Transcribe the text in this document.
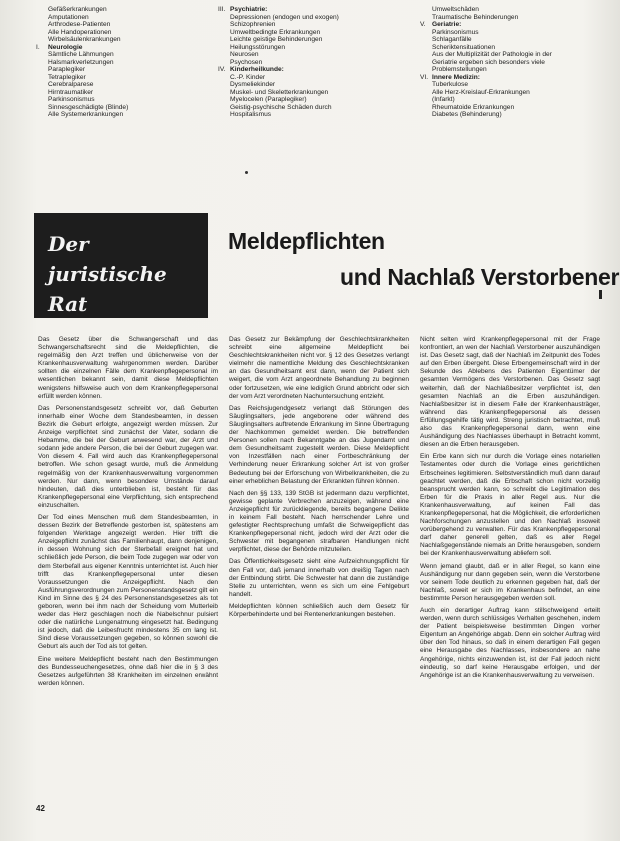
Gefäßerkrankungen
Amputationen
Arthrodese-Patienten
Alle Handoperationen
Wirbelsäulenkrankungen
I.	Neurologie
Sämtliche Lähmungen
Halsmarkverletzungen
Paraplegiker
Tetraplegiker
Cerebralparese
Hirntraumatiker
Parkinsonismus
Sinnesgeschädigte (Blinde)
Alle Systemerkrankungen
III. Psychiatrie:
Depressionen (endogen und exogen)
Schizophrenien
Umweltbedingte Erkrankungen
Leichte geistige Behinderungen
Heilungsstörungen
Neurosen
Psychosen
IV. Kinderheilkunde:
C.-P. Kinder
Dysmeliekinder
Muskel- und Skeletterkrankungen
Myelocelen (Paraplegiker)
Geistig-psychische Schäden durch
Hospitalismus
Umweltschäden
Traumatische Behinderungen
V. Geriatrie:
Parkinsonismus
Schlaganfälle
Scheriktensituationen
Aus der Multiplizität der Pathologie in der
Geriatrie ergeben sich besonders viele
Problemstellungen
VI. Innere Medizin:
Tuberkulose
Alle Herz-Kreislauf-Erkrankungen
(Infarkt)
Rheumatoide Erkrankungen
Diabetes (Behinderung)
Der
juristische Rat
Meldepflichten
und Nachlaß Verstorbener

Das Gesetz über die Schwangerschaft und das Schwangerschaftsrecht sind die Meldepflichten, die regelmäßig den Arzt treffen und üblicherweise von der Krankenhausverwaltung wahrgenommen werden. Darüber sollten die einzelnen Fälle dem Krankenpflegepersonal im wesentlichen bekannt sein, damit diese Meldepflichten wenigstens hilfsweise auch von dem Krankenpflegepersonal erfüllt werden können.

Das Personenstandsgesetz schreibt vor, daß Geburten innerhalb einer Woche dem Standesbeamten, in dessen Bezirk die Geburt erfolgte, angezeigt werden müssen. Zur Anzeige verpflichtet sind zunächst der Vater, sodann die Hebamme, die bei der Geburt anwesend war, der Arzt und sodann jede andere Person, die bei der Geburt zugegen war. Von diesem 4. Fall wird auch das Krankenpflegepersonal betroffen. Wie schon gesagt wurde, muß die Anmeldung regelmäßig von der Krankenhausverwaltung vorgenommen werden. Nur dann, wenn besondere Umstände darauf hindeuten, daß dies unterblieben ist, besteht für das Krankenpflegepersonal eine Verpflichtung, sich entsprechend einzuschalten.

Der Tod eines Menschen muß dem Standesbeamten, in dessen Bezirk der Betreffende gestorben ist, spätestens am folgenden Werktage angezeigt werden. Hier trifft die Anzeigepflicht zunächst das Familienhaupt, dann denjenigen, in dessen Wohnung sich der Sterbefall ereignet hat und schließlich jede Person, die beim Tode zugegen war oder von dem Sterbefall aus eigener Kenntnis unterrichtet ist. Auch hier trifft das Krankenpflegepersonal unter diesen Voraussetzungen die Anzeigepflicht. Nach den Ausführungsverordnungen zum Personenstandsgesetz gilt ein Kind im Sinne des § 24 des Personenstandsgesetzes als tot geboren, wenn bei ihm nach der Scheidung vom Mutterleib weder das Herz geschlagen noch die Nabelschnur pulsiert oder die natürliche Lungenatmung eingesetzt hat. Bedingung ist jedoch, daß die Leibesfrucht mindestens 35 cm lang ist. Sind diese Voraussetzungen gegeben, so können sowohl die Geburt als auch der Tod als tot gelten.

Eine weitere Meldepflicht besteht nach den Bestimmungen des Bundesseuchengesetzes, ohne daß hier die in § 3 des Gesetzes aufgeführten 38 Krankheiten im einzelnen erwähnt werden können.

Das Gesetz zur Bekämpfung der Geschlechtskrankheiten schreibt eine allgemeine Meldepflicht bei Geschlechtskrankheiten nicht vor. § 12 des Gesetzes verlangt vielmehr die namentliche Meldung des Geschlechtskranken an das Gesundheitsamt erst dann, wenn der Patient sich weigert, die vom Arzt angeordnete Behandlung zu beginnen oder fortzusetzen, wie eine lediglich Grund abbricht oder sich der vom Arzt verordneten Nachuntersuchung entzieht.

Das Reichsjugendgesetz verlangt daß Störungen des Säuglingsalters, jede angeborene oder während des Säuglingsalters auftretende Erkrankung im Sinne Übertragung der Nachkommen gemeldet werden. Die betreffenden Personen sollen nach Bekanntgabe an das Jugendamt und dem Gesundheitsamt zugestellt werden. Diese Meldepflicht von Inzestfällen nach einer Fortbeschränkung der Verhinderung neuer Erkrankung solcher Art ist von großer Bedeutung bei der Erforschung von Wirbelkrankheiten, die zu einer erheblichen Belastung der Erkrankten führen können.

Nach den §§ 133, 139 StGB ist jedermann dazu verpflichtet, gewisse geplante Verbrechen anzuzeigen, während eine Anzeigepflicht für zurückliegende, bereits begangene Delikte in keinem Fall besteht. Nach herrschender Lehre und gefestigter Rechtsprechung umfaßt die Schweigepflicht das Krankenpflegepersonal nicht, jedoch wird der Arzt oder die Schwester mit begangenen strafbaren Handlungen nicht verpflichtet, diese der Behörde mitzuteilen.

Das Öffentlichkeitsgesetz sieht eine Aufzeichnungspflicht für den Fall vor, daß jemand innerhalb von dreißig Tagen nach der Entbindung stirbt. Die Schwester hat dann die zuständige Stelle zu unterrichten, wenn es sich um eine Fehlgeburt handelt.

Meldepflichten können schließlich auch dem Gesetz für Körperbehinderte und bei Rentenerkrankungen bestehen.

Nicht selten wird Krankenpflegepersonal mit der Frage konfrontiert, an wen der Nachlaß Verstorbener auszuhändigen ist. Das Gesetz sagt, daß der Nachlaß im Zeitpunkt des Todes auf den Erben übergeht. Diese Erbengemeinschaft wird in der Sekunde des Ablebens des Patienten Eigentümer der gesamten Vermögens des Verstorbenen. Das Gesetz sagt weiterhin, daß der Nachlaßbesitzer verpflichtet ist, den gesamten Nachlaß an die Erben auszuhändigen. Nachlaßbesitzer ist in diesem Falle der Krankenhausträger, während das Krankenpflegepersonal als dessen Erfüllungsgehilfe tätig wird. Streng juristisch betrachtet, muß also das Krankenpflegepersonal dann, wenn eine Aushändigung des Nachlasses überhaupt in Betracht kommt, diesen an die Erben herausgeben.

Ein Erbe kann sich nur durch die Vorlage eines notariellen Testamentes oder durch die Vorlage eines gerichtlichen Erbscheines legitimieren. Selbstverständlich muß dann darauf geachtet werden, daß die Erbschaft schon nicht vorzeitig beansprucht werden kann, so schreibt die Legitimation des Erben für die Praxis in aller Regel aus. Nur die Krankenhausverwaltung, auf keinen Fall das Krankenpflegepersonal, hat die Möglichkeit, die erforderlichen Nachforschungen anzustellen und den Nachlaß insoweit vorübergehend zu verwalten. Für das Krankenpflegepersonal darf daher generell gelten, daß es aller Regel Nachlaßgegenstände niemals an Dritte herausgeben, sondern bei der Krankenhausverwaltung abliefern soll.

Wenn jemand glaubt, daß er in aller Regel, so kann eine Aushändigung nur dann gegeben sein, wenn die Verstorbene vor seinem Tode deutlich zu erkennen gegeben hat, daß der Nachlaß, soweit er sich im Krankenhaus befindet, an eine bestimmte Person herausgegeben werden soll.

Auch ein derartiger Auftrag kann stillschweigend erteilt werden, wenn durch schlüssiges Verhalten geschehen, indem der Patient beispielsweise bestimmten Dingen vorher Eigentum an Angehörige abgab. Denn ein solcher Auftrag wird über den Tod hinaus, so daß in einem derartigen Fall gegen eine Herausgabe des Nachlasses, insbesondere an nahe Angehörige, nichts einzuwenden ist, ist der Fall jedoch nicht eindeutig, so darf keine Herausgabe erfolgen, und der Angehörige ist an die Krankenhausverwaltung zu verweisen.

42
